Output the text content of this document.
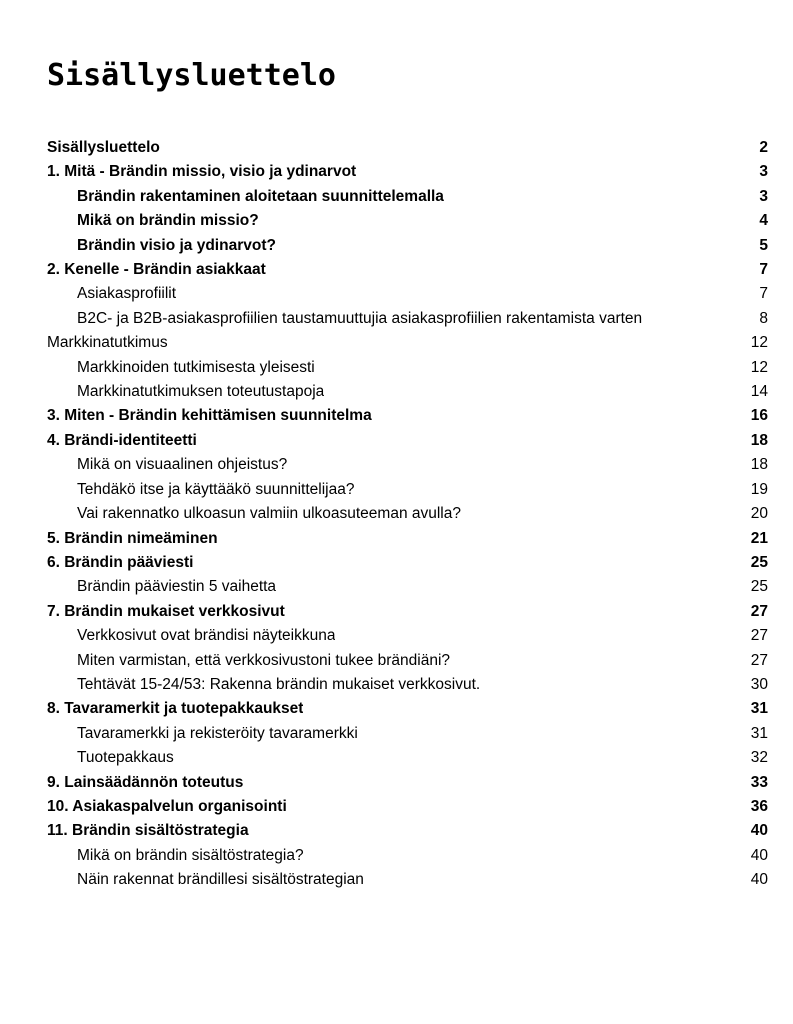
Sisällysluettelo
Sisällysluettelo	2
1. Mitä - Brändin missio, visio ja ydinarvot	3
Brändin rakentaminen aloitetaan suunnittelemalla	3
Mikä on brändin missio?	4
Brändin visio ja ydinarvot?	5
2. Kenelle - Brändin asiakkaat	7
Asiakasprofiilit	7
B2C- ja B2B-asiakasprofiilien taustamuuttujia asiakasprofiilien rakentamista varten	8
Markkinatutkimus	12
Markkinoiden tutkimisesta yleisesti	12
Markkinatutkimuksen toteutustapoja	14
3. Miten - Brändin kehittämisen suunnitelma	16
4. Brändi-identiteetti	18
Mikä on visuaalinen ohjeistus?	18
Tehdäkö itse ja käyttääkö suunnittelijaa?	19
Vai rakennatko ulkoasun valmiin ulkoasuteeman avulla?	20
5. Brändin nimeäminen	21
6. Brändin pääviesti	25
Brändin pääviestin 5 vaihetta	25
7. Brändin mukaiset verkkosivut	27
Verkkosivut ovat brändisi näyteikkuna	27
Miten varmistan, että verkkosivustoni tukee brändiäni?	27
Tehtävät 15-24/53: Rakenna brändin mukaiset verkkosivut.	30
8. Tavaramerkit ja tuotepakkaukset	31
Tavaramerkki ja rekisteröity tavaramerkki	31
Tuotepakkaus	32
9. Lainsäädännön toteutus	33
10. Asiakaspalvelun organisointi	36
11. Brändin sisältöstrategia	40
Mikä on brändin sisältöstrategia?	40
Näin rakennat brändillesi sisältöstrategian	40
